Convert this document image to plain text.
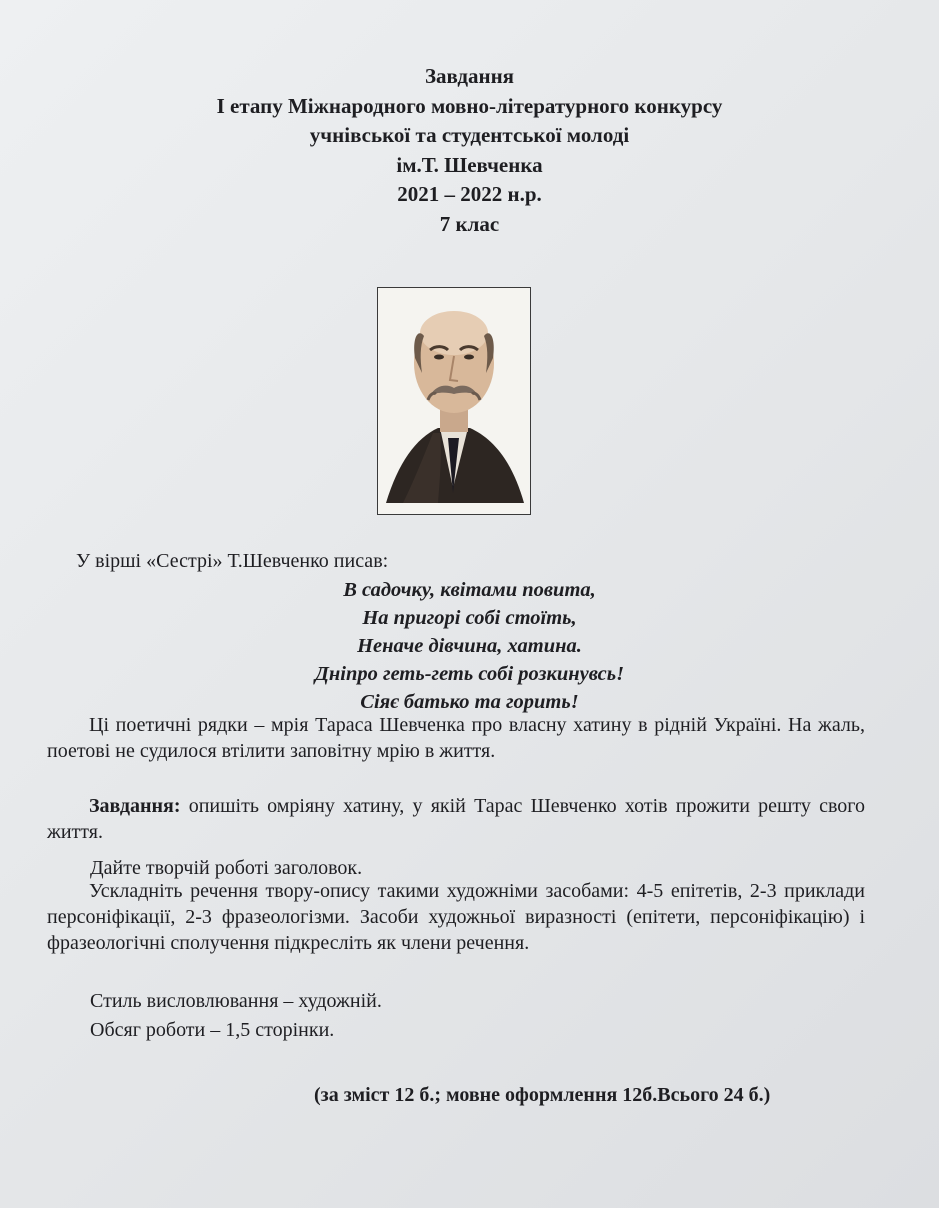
Завдання
І етапу Міжнародного мовно-літературного конкурсу
учнівської та студентської молоді
ім.Т. Шевченка
2021 – 2022 н.р.
7 клас
У вірші «Сестрі» Т.Шевченко писав:
В садочку, квітами повита,
На пригорі собі стоїть,
Неначе дівчина, хатина.
Дніпро геть-геть собі розкинувсь!
Сіяє батько та горить!
Ці поетичні рядки – мрія Тараса Шевченка про власну хатину в рідній Україні. На жаль, поетові не судилося втілити заповітну мрію в життя.
Завдання: опишіть омріяну хатину, у якій Тарас Шевченко хотів прожити решту свого життя.
Дайте творчій роботі заголовок.
Ускладніть речення твору-опису такими художніми засобами: 4-5 епітетів, 2-3 приклади персоніфікації, 2-3 фразеологізми. Засоби художньої виразності (епітети, персоніфікацію) і фразеологічні сполучення підкресліть як члени речення.
Стиль висловлювання – художній.
Обсяг роботи – 1,5 сторінки.
(за зміст 12 б.; мовне оформлення 12б.Всього 24 б.)
